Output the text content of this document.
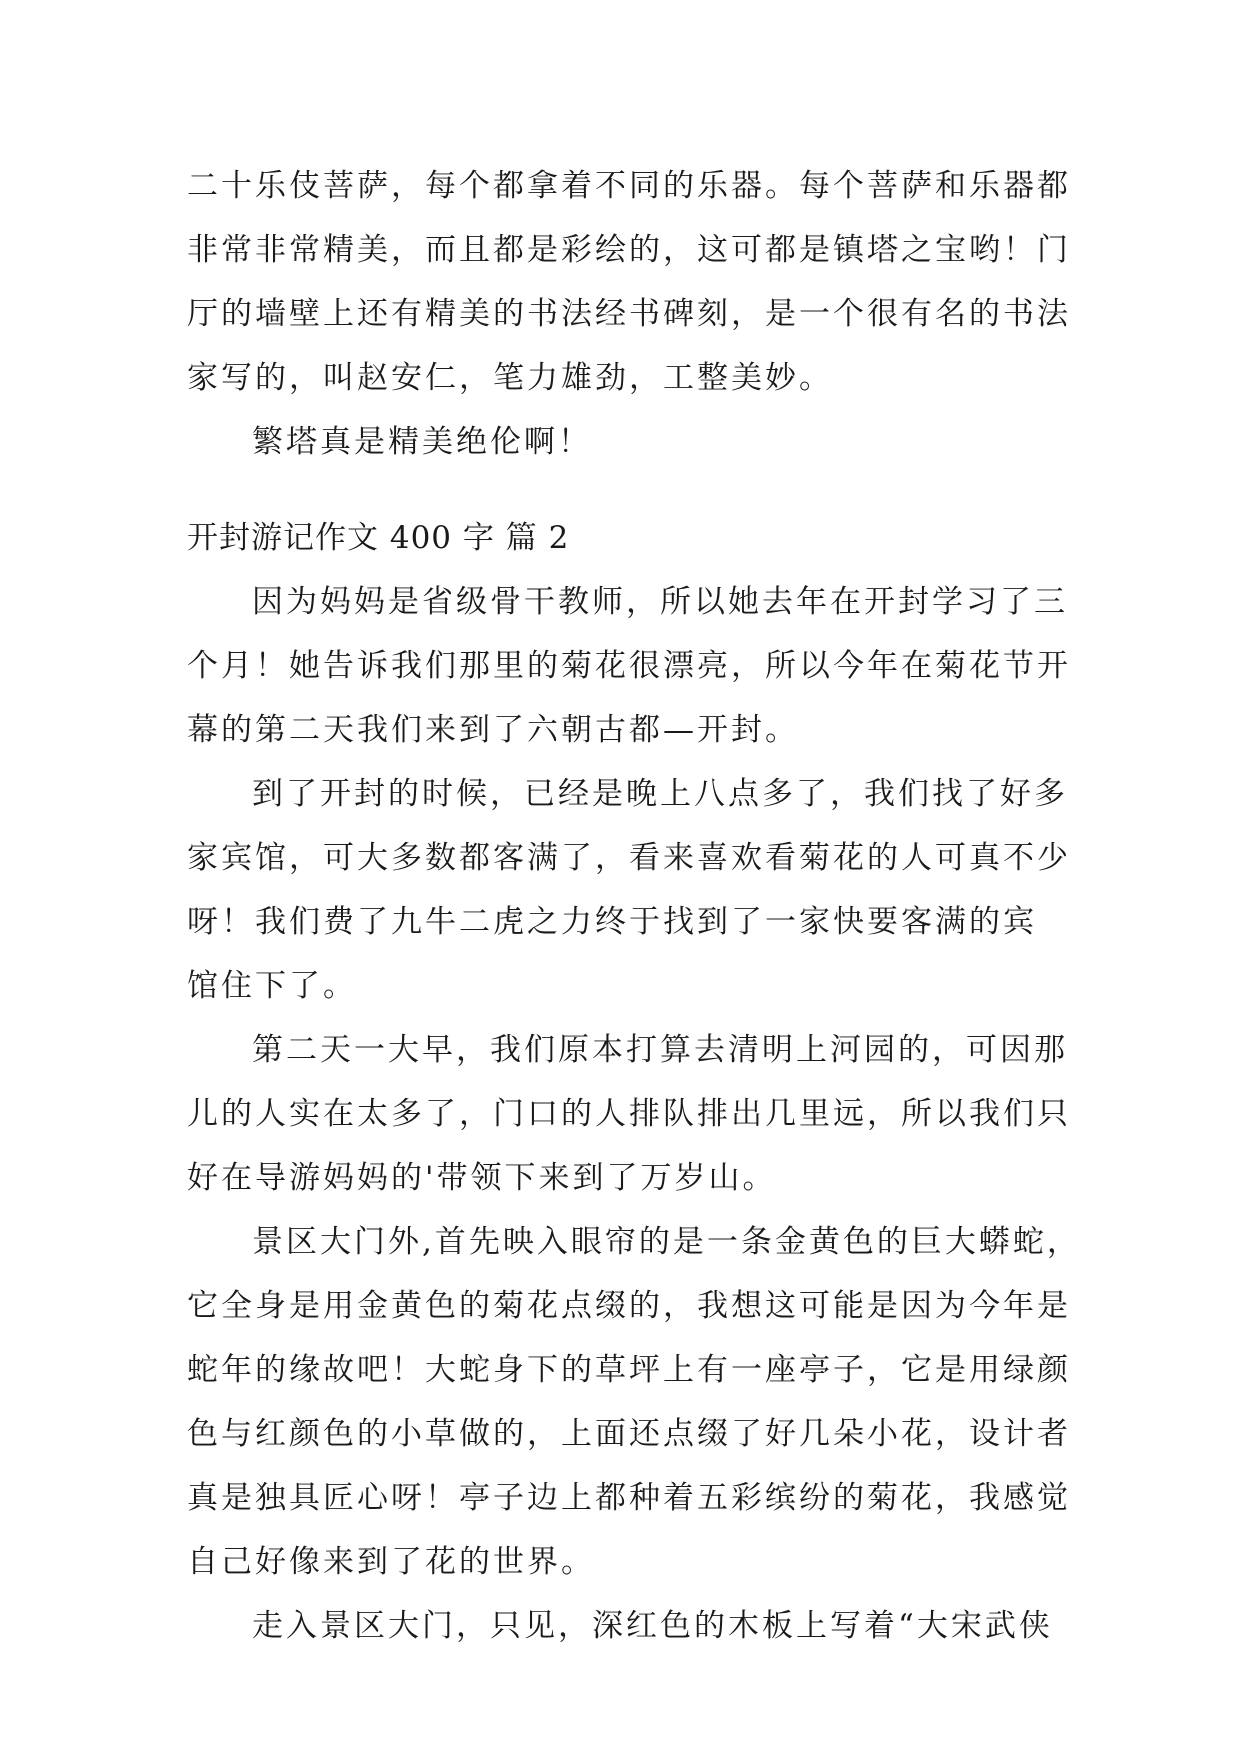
二十乐伎菩萨，每个都拿着不同的乐器。每个菩萨和乐器都
非常非常精美，而且都是彩绘的，这可都是镇塔之宝哟！门
厅的墙壁上还有精美的书法经书碑刻，是一个很有名的书法
家写的，叫赵安仁，笔力雄劲，工整美妙。
繁塔真是精美绝伦啊！
开封游记作文 400 字 篇 2
因为妈妈是省级骨干教师，所以她去年在开封学习了三
个月！她告诉我们那里的菊花很漂亮，所以今年在菊花节开
幕的第二天我们来到了六朝古都—开封。
到了开封的时候，已经是晚上八点多了，我们找了好多
家宾馆，可大多数都客满了，看来喜欢看菊花的人可真不少
呀！我们费了九牛二虎之力终于找到了一家快要客满的宾
馆住下了。
第二天一大早，我们原本打算去清明上河园的，可因那
儿的人实在太多了，门口的人排队排出几里远，所以我们只
好在导游妈妈的'带领下来到了万岁山。
景区大门外,首先映入眼帘的是一条金黄色的巨大蟒蛇，
它全身是用金黄色的菊花点缀的，我想这可能是因为今年是
蛇年的缘故吧！大蛇身下的草坪上有一座亭子，它是用绿颜
色与红颜色的小草做的，上面还点缀了好几朵小花，设计者
真是独具匠心呀！亭子边上都种着五彩缤纷的菊花，我感觉
自己好像来到了花的世界。
走入景区大门，只见，深红色的木板上写着“大宋武侠
